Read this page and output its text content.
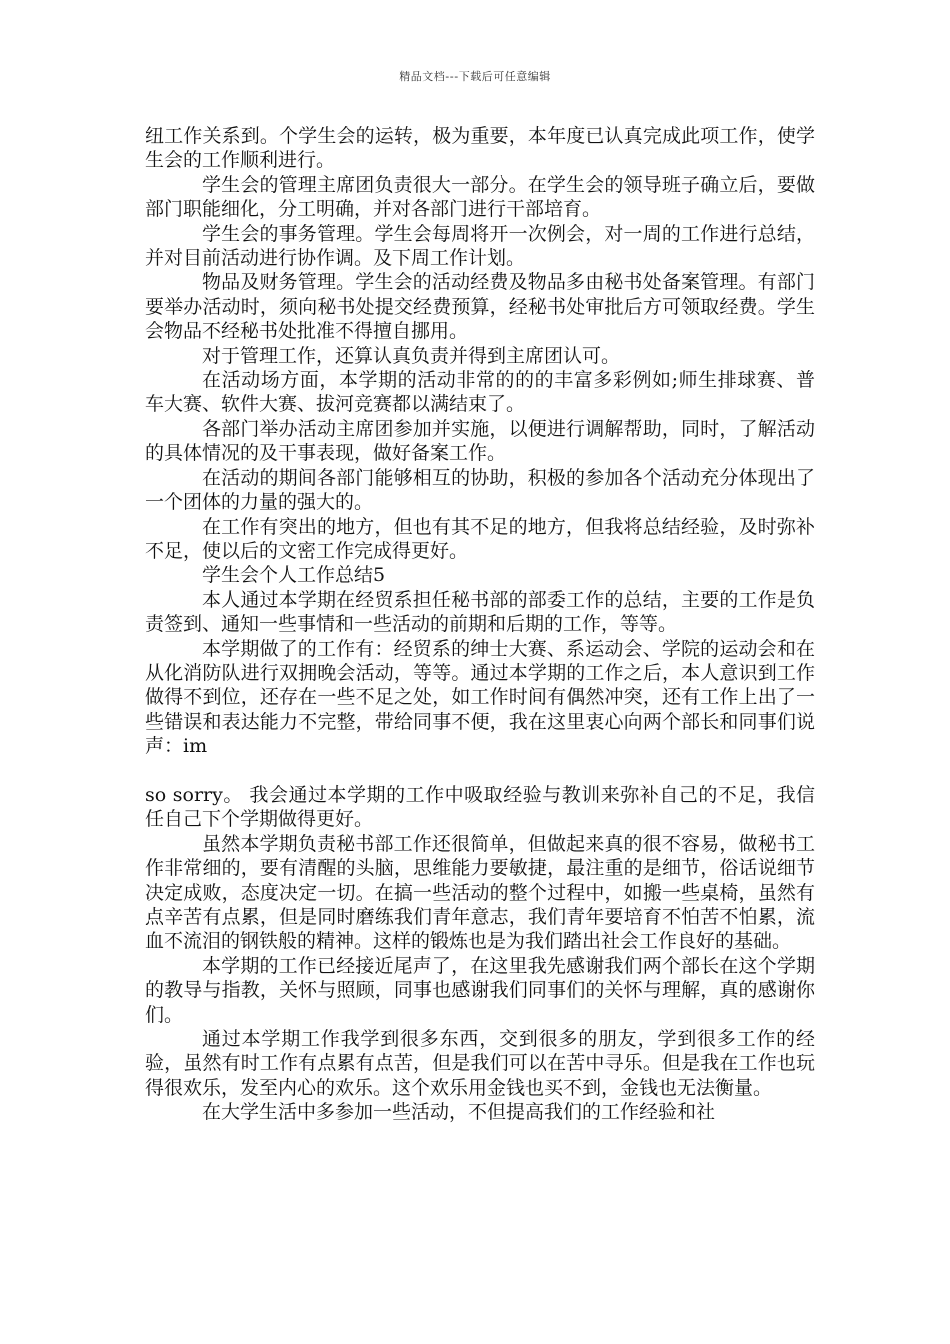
精品文档---下载后可任意编辑

纽工作关系到。个学生会的运转，极为重要，本年度已认真完成此项工作，使学生会的工作顺利进行。

学生会的管理主席团负责很大一部分。在学生会的领导班子确立后，要做部门职能细化，分工明确，并对各部门进行干部培育。

学生会的事务管理。学生会每周将开一次例会，对一周的工作进行总结，并对目前活动进行协作调。及下周工作计划。

物品及财务管理。学生会的活动经费及物品多由秘书处备案管理。有部门要举办活动时，须向秘书处提交经费预算，经秘书处审批后方可领取经费。学生会物品不经秘书处批准不得擅自挪用。

对于管理工作，还算认真负责并得到主席团认可。

在活动场方面，本学期的活动非常的的的丰富多彩例如;师生排球赛、普车大赛、软件大赛、拔河竞赛都以满结束了。

各部门举办活动主席团参加并实施，以便进行调解帮助，同时，了解活动的具体情况的及干事表现，做好备案工作。

在活动的期间各部门能够相互的协助，积极的参加各个活动充分体现出了一个团体的力量的强大的。

在工作有突出的地方，但也有其不足的地方，但我将总结经验，及时弥补不足，使以后的文密工作完成得更好。

学生会个人工作总结5

本人通过本学期在经贸系担任秘书部的部委工作的总结，主要的工作是负责签到、通知一些事情和一些活动的前期和后期的工作，等等。

本学期做了的工作有：经贸系的绅士大赛、系运动会、学院的运动会和在从化消防队进行双拥晚会活动，等等。通过本学期的工作之后，本人意识到工作做得不到位，还存在一些不足之处，如工作时间有偶然冲突，还有工作上出了一些错误和表达能力不完整，带给同事不便，我在这里衷心向两个部长和同事们说声：im

so sorry。 我会通过本学期的工作中吸取经验与教训来弥补自己的不足，我信任自己下个学期做得更好。

虽然本学期负责秘书部工作还很简单，但做起来真的很不容易，做秘书工作非常细的，要有清醒的头脑，思维能力要敏捷，最注重的是细节，俗话说细节决定成败，态度决定一切。在搞一些活动的整个过程中，如搬一些桌椅，虽然有点辛苦有点累，但是同时磨练我们青年意志，我们青年要培育不怕苦不怕累，流血不流泪的钢铁般的精神。这样的锻炼也是为我们踏出社会工作良好的基础。

本学期的工作已经接近尾声了，在这里我先感谢我们两个部长在这个学期的教导与指教，关怀与照顾，同事也感谢我们同事们的关怀与理解，真的感谢你们。

通过本学期工作我学到很多东西，交到很多的朋友，学到很多工作的经验，虽然有时工作有点累有点苦，但是我们可以在苦中寻乐。但是我在工作也玩得很欢乐，发至内心的欢乐。这个欢乐用金钱也买不到，金钱也无法衡量。

在大学生活中多参加一些活动，不但提高我们的工作经验和社
